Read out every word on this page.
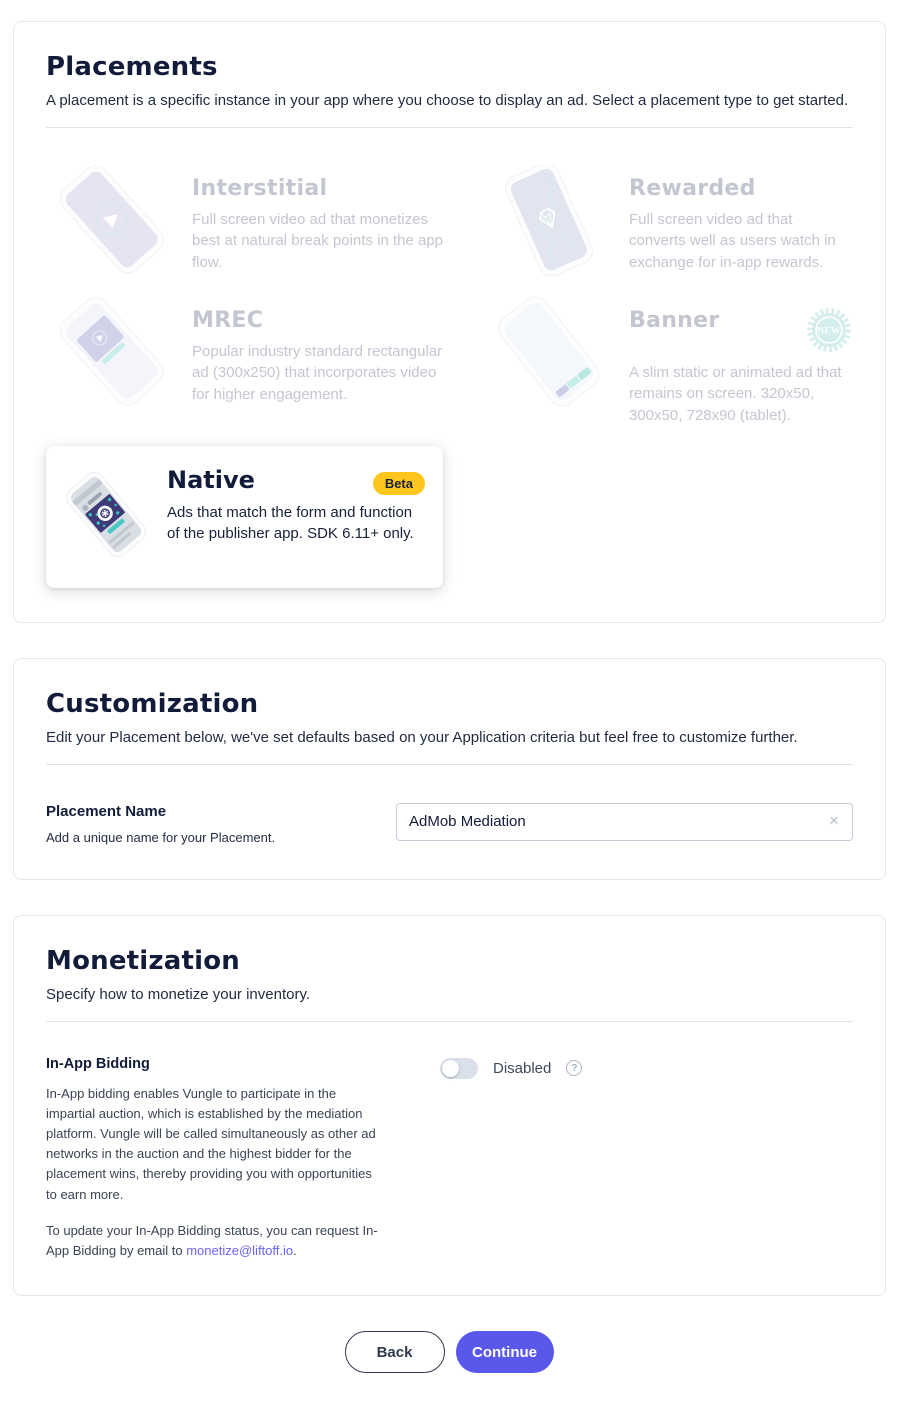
Placements

A placement is a specific instance in your app where you choose to display an ad. Select a placement type to get started.

Interstitial

Full screen video ad that monetizes best at natural break points in the app flow.

Rewarded

Full screen video ad that converts well as users watch in exchange for in-app rewards.

MREC

Popular industry standard rectangular ad (300x250) that incorporates video for higher engagement.

Banner	NEW

A slim static or animated ad that remains on screen. 320x50, 300x50, 728x90 (tablet).

Native	Beta

Ads that match the form and function of the publisher app. SDK 6.11+ only.

Customization

Edit your Placement below, we've set defaults based on your Application criteria but feel free to customize further.

Placement Name
Add a unique name for your Placement.
AdMob Mediation
×
Monetization

Specify how to monetize your inventory.

In-App Bidding

In-App bidding enables Vungle to participate in the impartial auction, which is established by the mediation platform. Vungle will be called simultaneously as other ad networks in the auction and the highest bidder for the placement wins, thereby providing you with opportunities to earn more.

To update your In-App Bidding status, you can request In-App Bidding by email to monetize@liftoff.io.

Disabled	?
Back	Continue
